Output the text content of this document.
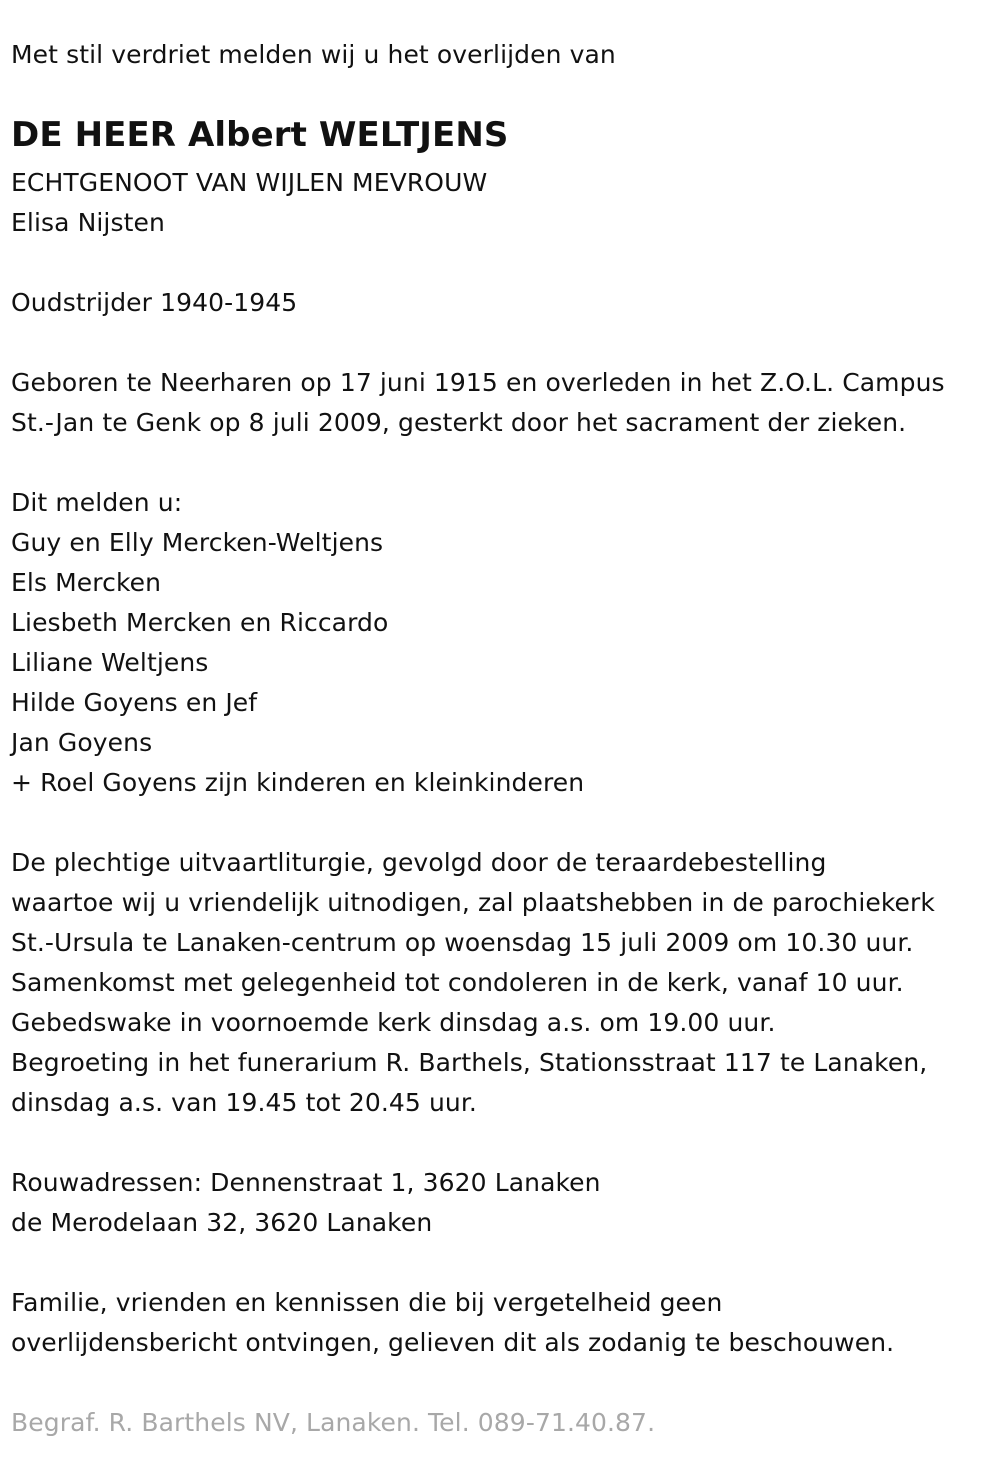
Met stil verdriet melden wij u het overlijden van
DE HEER Albert WELTJENS
ECHTGENOOT VAN WIJLEN MEVROUW
Elisa Nijsten
Oudstrijder 1940-1945
Geboren te Neerharen op 17 juni 1915 en overleden in het Z.O.L. Campus
St.-Jan te Genk op 8 juli 2009, gesterkt door het sacrament der zieken.
Dit melden u:
Guy en Elly Mercken-Weltjens
Els Mercken
Liesbeth Mercken en Riccardo
Liliane Weltjens
Hilde Goyens en Jef
Jan Goyens
+ Roel Goyens zijn kinderen en kleinkinderen
De plechtige uitvaartliturgie, gevolgd door de teraardebestelling
waartoe wij u vriendelijk uitnodigen, zal plaatshebben in de parochiekerk
St.-Ursula te Lanaken-centrum op woensdag 15 juli 2009 om 10.30 uur.
Samenkomst met gelegenheid tot condoleren in de kerk, vanaf 10 uur.
Gebedswake in voornoemde kerk dinsdag a.s. om 19.00 uur.
Begroeting in het funerarium R. Barthels, Stationsstraat 117 te Lanaken,
dinsdag a.s. van 19.45 tot 20.45 uur.
Rouwadressen: Dennenstraat 1, 3620 Lanaken
de Merodelaan 32, 3620 Lanaken
Familie, vrienden en kennissen die bij vergetelheid geen
overlijdensbericht ontvingen, gelieven dit als zodanig te beschouwen.
Begraf. R. Barthels NV, Lanaken. Tel. 089-71.40.87.
